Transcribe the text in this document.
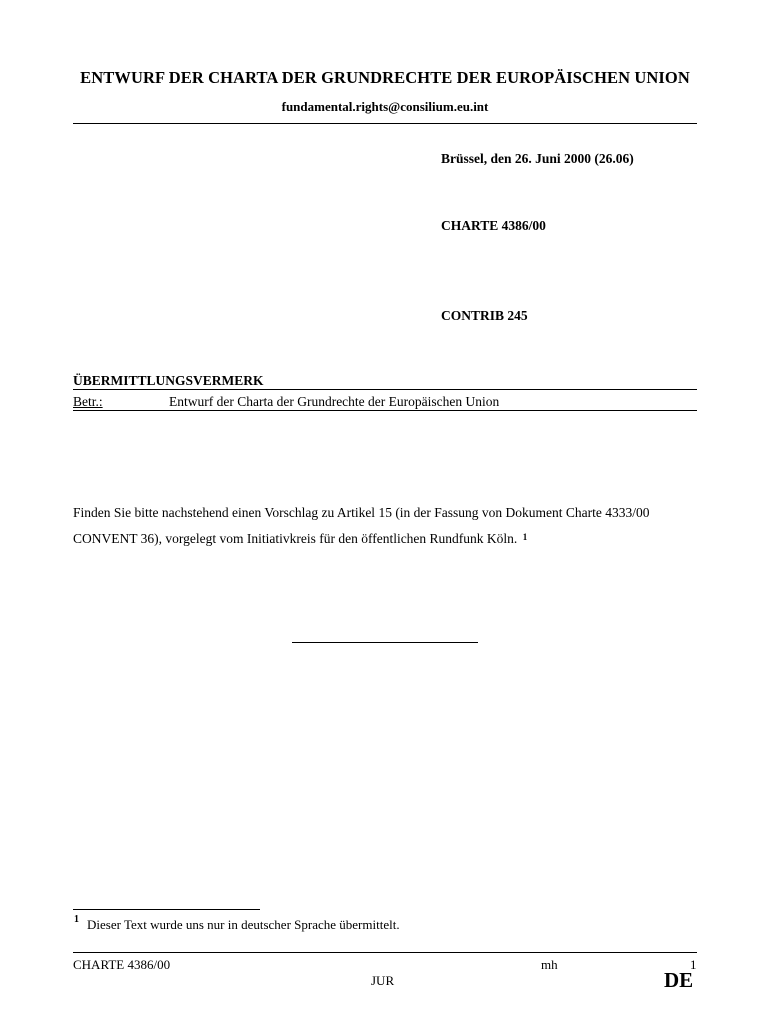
ENTWURF DER CHARTA DER GRUNDRECHTE DER EUROPÄISCHEN UNION
fundamental.rights@consilium.eu.int
Brüssel, den 26. Juni 2000 (26.06)
CHARTE 4386/00
CONTRIB 245
ÜBERMITTLUNGSVERMERK
Betr.:	Entwurf der Charta der Grundrechte der Europäischen Union
Finden Sie bitte nachstehend einen Vorschlag zu Artikel 15 (in der Fassung von Dokument Charte 4333/00 CONVENT 36), vorgelegt vom Initiativkreis für den öffentlichen Rundfunk Köln. $^1$
1 Dieser Text wurde uns nur in deutscher Sprache übermittelt.
CHARTE 4386/00	mh	1
JUR	DE
